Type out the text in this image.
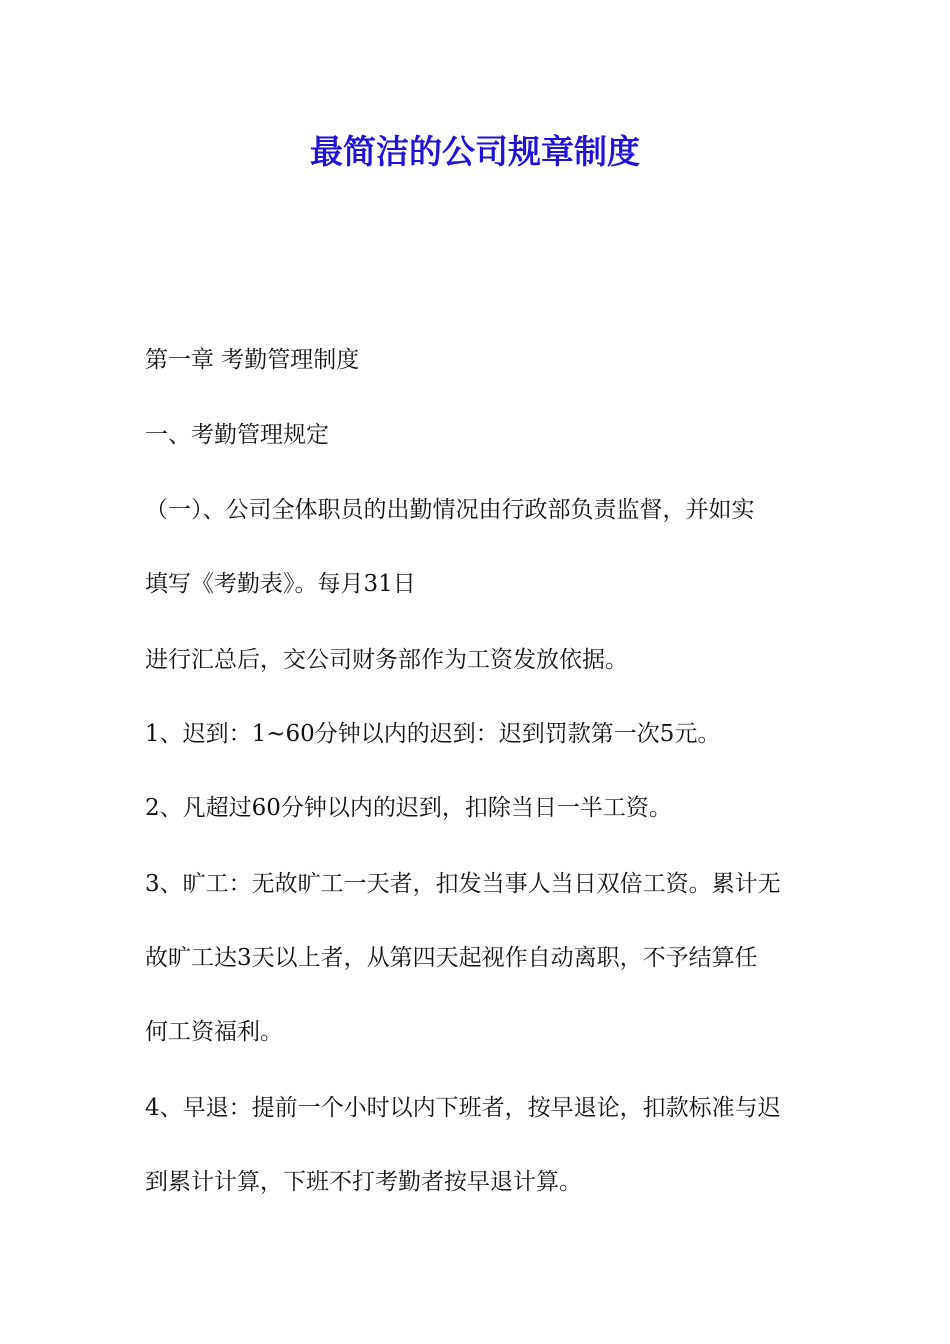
最简洁的公司规章制度

第一章 考勤管理制度

一、考勤管理规定

（一）、公司全体职员的出勤情况由行政部负责监督，并如实

填写《考勤表》。每月31日

进行汇总后，交公司财务部作为工资发放依据。

1、迟到：1~60分钟以内的迟到：迟到罚款第一次5元。

2、凡超过60分钟以内的迟到，扣除当日一半工资。

3、旷工：无故旷工一天者，扣发当事人当日双倍工资。累计无

故旷工达3天以上者，从第四天起视作自动离职，不予结算任

何工资福利。

4、早退：提前一个小时以内下班者，按早退论，扣款标准与迟

到累计计算，下班不打考勤者按早退计算。
